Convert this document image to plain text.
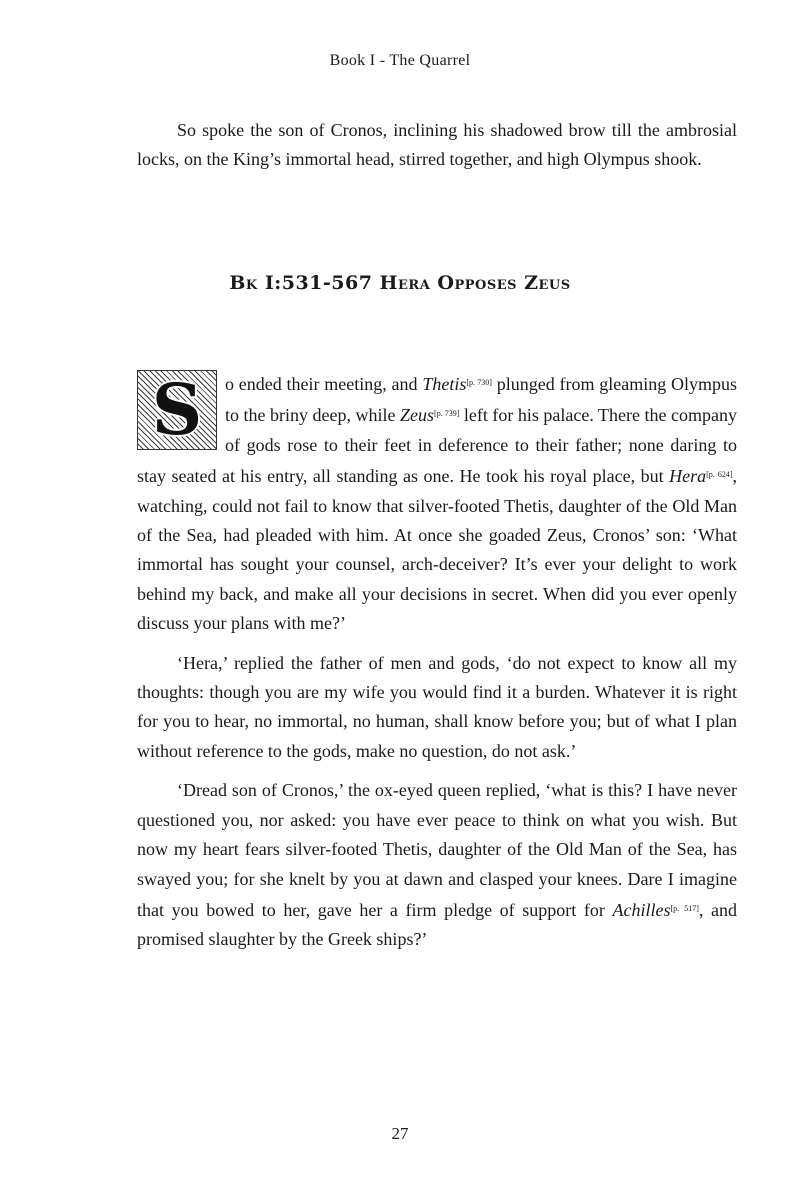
Book I - The Quarrel

So spoke the son of Cronos, inclining his shadowed brow till the ambrosial locks, on the King’s immortal head, stirred together, and high Olympus shook.

Bk I:531-567 Hera Opposes Zeus

S	o ended their meeting, and Thetis[p. 730] plunged from gleaming Olympus to the briny deep, while Zeus[p. 739] left for his palace. There the company of gods rose to their feet in deference to their father; none daring to stay seated at his entry, all standing as one. He took his royal place, but Hera[p. 624], watching, could not fail to know that silver-footed Thetis, daughter of the Old Man of the Sea, had pleaded with him. At once she goaded Zeus, Cronos’ son: ‘What immortal has sought your counsel, arch-deceiver? It’s ever your delight to work behind my back, and make all your decisions in secret. When did you ever openly discuss your plans with me?’

‘Hera,’ replied the father of men and gods, ‘do not expect to know all my thoughts: though you are my wife you would find it a burden. Whatever it is right for you to hear, no immortal, no human, shall know before you; but of what I plan without reference to the gods, make no question, do not ask.’

‘Dread son of Cronos,’ the ox-eyed queen replied, ‘what is this? I have never questioned you, nor asked: you have ever peace to think on what you wish. But now my heart fears silver-footed Thetis, daughter of the Old Man of the Sea, has swayed you; for she knelt by you at dawn and clasped your knees. Dare I imagine that you bowed to her, gave her a firm pledge of support for Achilles[p. 517], and promised slaughter by the Greek ships?’

27
